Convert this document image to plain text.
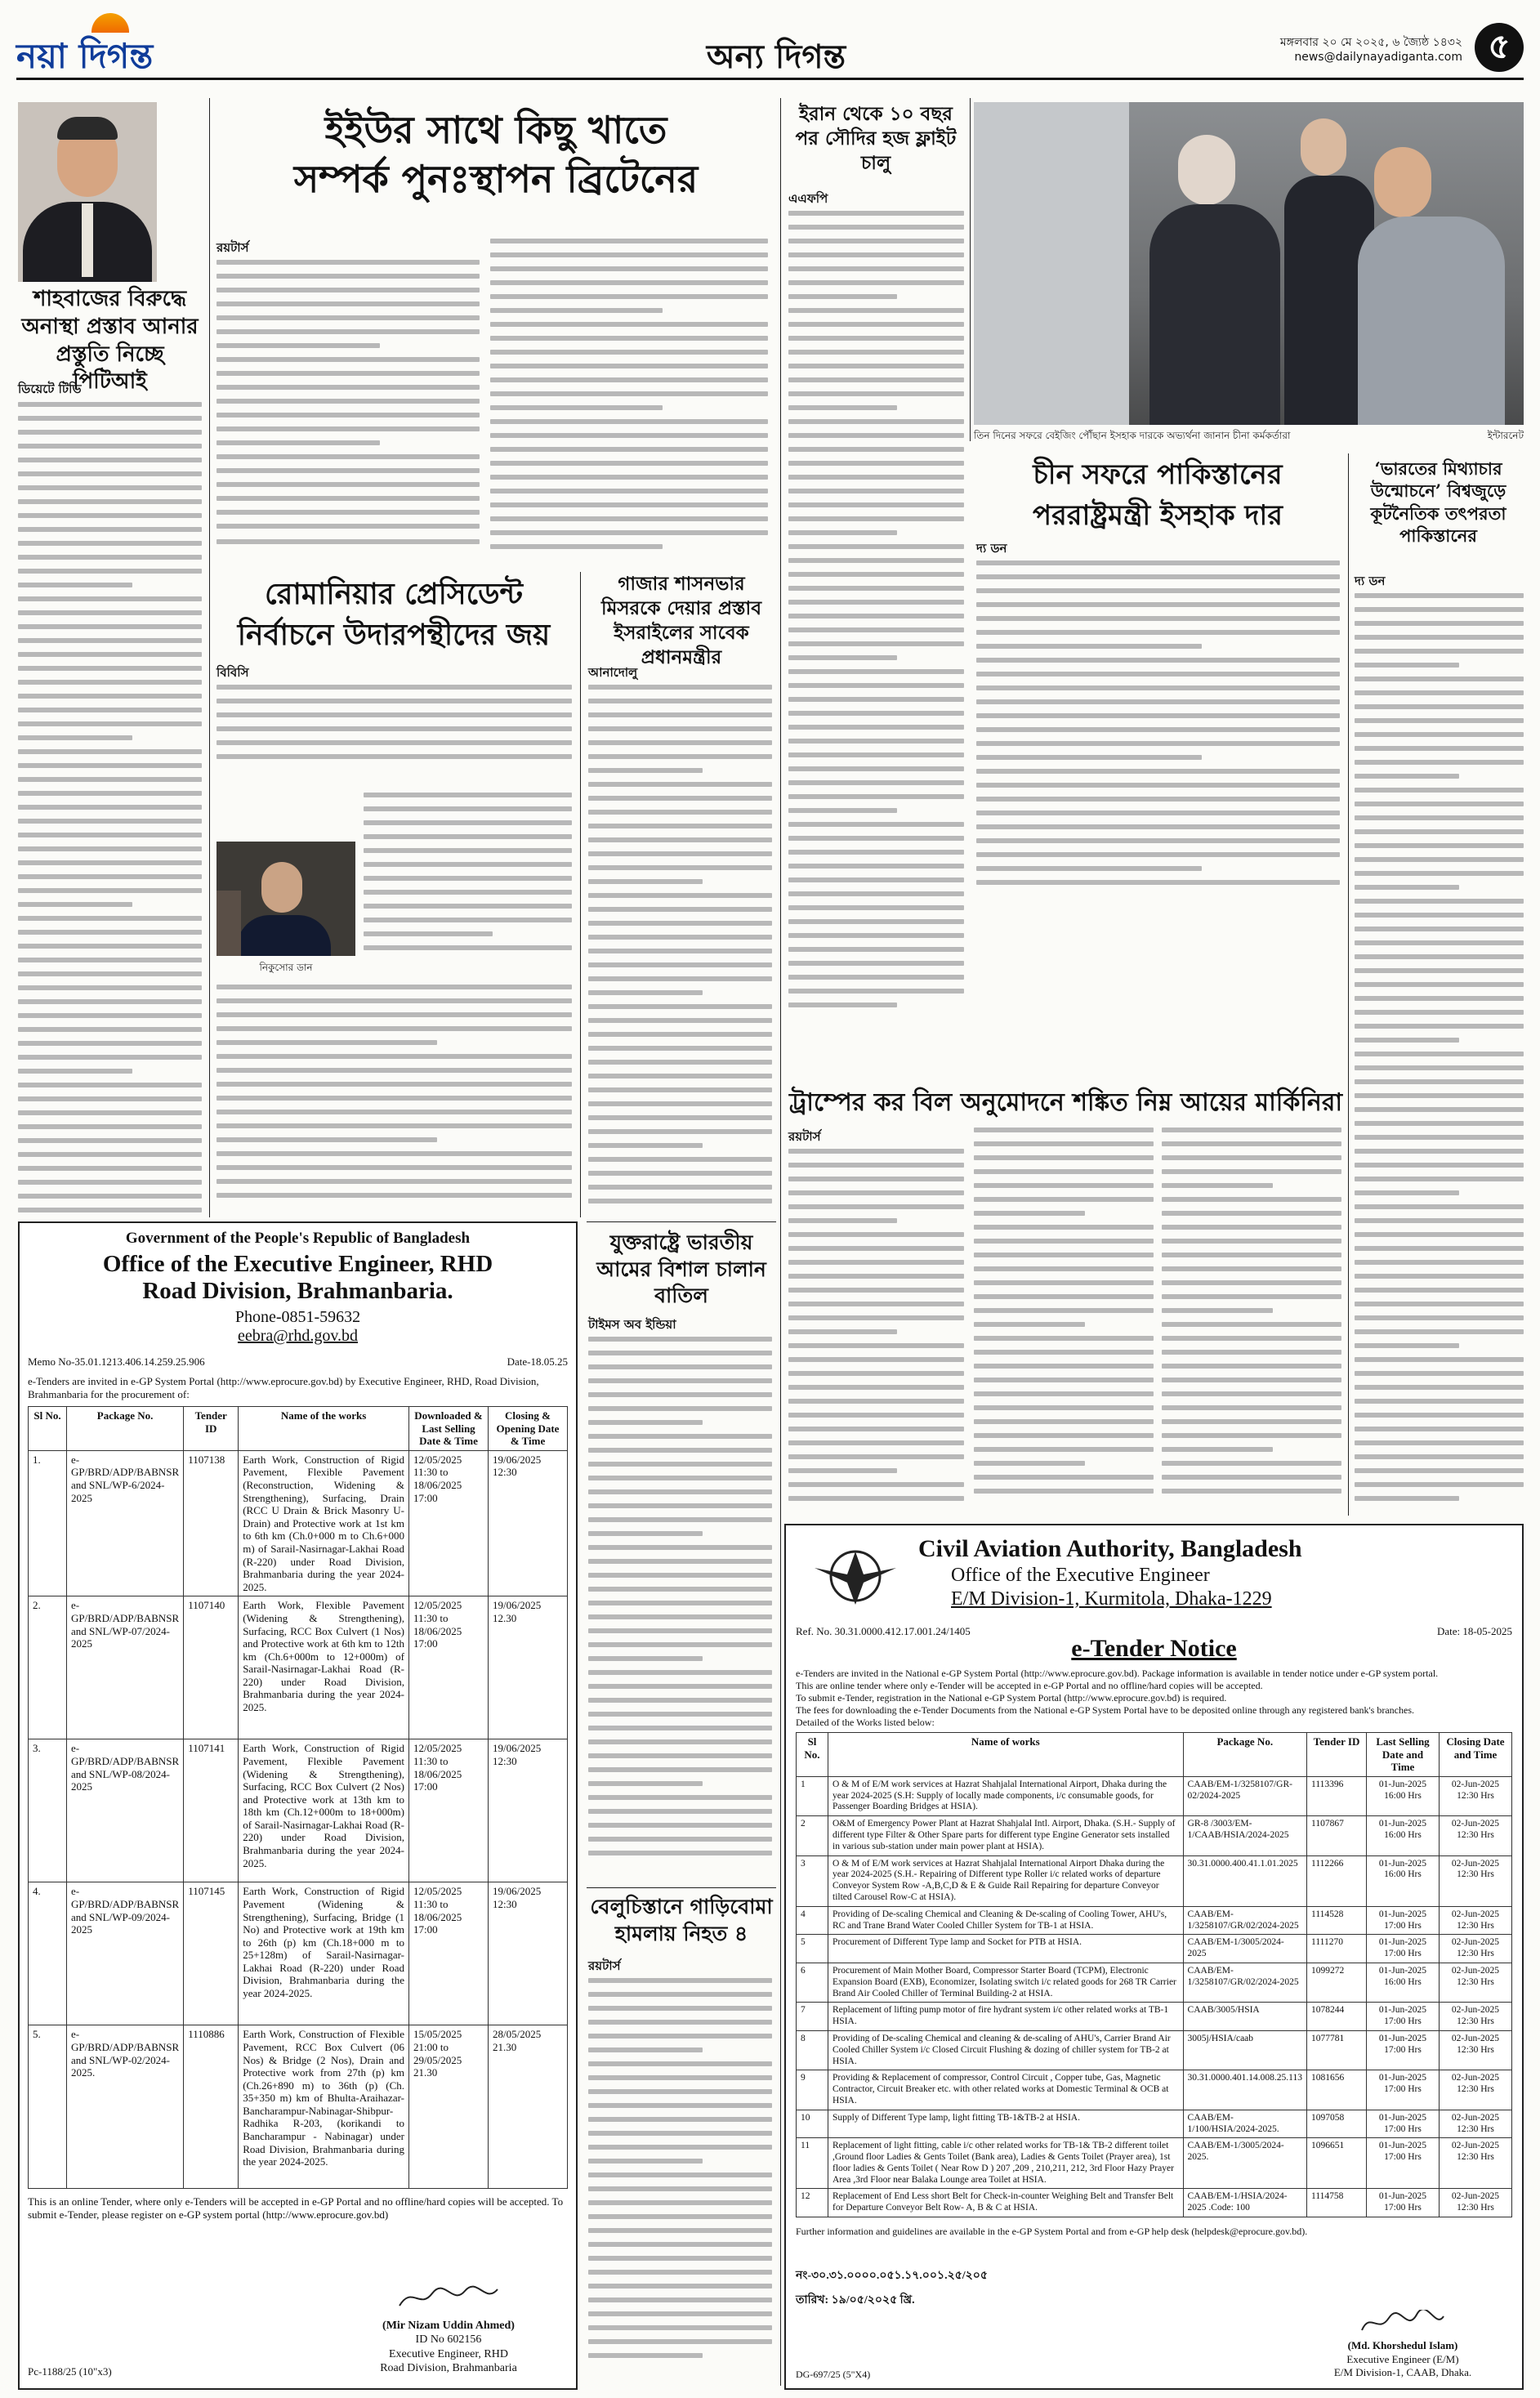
নয়া দিগন্ত	অন্য দিগন্ত	মঙ্গলবার ২০ মে ২০২৫, ৬ জ্যৈষ্ঠ ১৪৩২
news@dailynayadiganta.com ৫
শাহবাজের বিরুদ্ধে অনাস্থা প্রস্তাব আনার প্রস্তুতি নিচ্ছে পিটিআই
ডিয়েটে টিভি
ইইউর সাথে কিছু খাতে
সম্পর্ক পুনঃস্থাপন ব্রিটেনের
রয়টার্স
রোমানিয়ার প্রেসিডেন্ট
নির্বাচনে উদারপন্থীদের জয়
বিবিসি
নিকুসোর ডান
গাজার শাসনভার মিসরকে দেয়ার প্রস্তাব ইসরাইলের সাবেক প্রধানমন্ত্রীর
আনাদোলু
ইরান থেকে ১০ বছর পর সৌদির হজ ফ্লাইট চালু
এএফপি
তিন দিনের সফরে বেইজিং পৌঁছান ইসহাক দারকে অভ্যর্থনা জানান চীনা কর্মকর্তারা	ইন্টারনেট
চীন সফরে পাকিস্তানের
পররাষ্ট্রমন্ত্রী ইসহাক দার
দ্য ডন
‘ভারতের মিথ্যাচার উন্মোচনে’ বিশ্বজুড়ে কূটনৈতিক তৎপরতা পাকিস্তানের
দ্য ডন
ট্রাম্পের কর বিল অনুমোদনে শঙ্কিত নিম্ন আয়ের মার্কিনিরা
রয়টার্স
যুক্তরাষ্ট্রে ভারতীয় আমের বিশাল চালান বাতিল
টাইমস অব ইন্ডিয়া
বেলুচিস্তানে গাড়িবোমা হামলায় নিহত ৪
রয়টার্স
Government of the People's Republic of Bangladesh
Office of the Executive Engineer, RHD
Road Division, Brahmanbaria.
Phone-0851-59632
eebra@rhd.gov.bd
Memo No-35.01.1213.406.14.259.25.906	Date-18.05.25
e-Tenders are invited in e-GP System Portal (http://www.eprocure.gov.bd) by Executive Engineer, RHD, Road Division, Brahmanbaria for the procurement of:
Sl No.	Package No.	Tender ID	Name of the works	Downloaded & Last Selling Date & Time	Closing & Opening Date & Time
1.	e-GP/BRD/ADP/BABNSR and SNL/WP-6/2024-2025	1107138	Earth Work, Construction of Rigid Pavement, Flexible Pavement (Reconstruction, Widening & Strengthening), Surfacing, Drain (RCC U Drain & Brick Masonry U-Drain) and Protective work at 1st km to 6th km (Ch.0+000 m to Ch.6+000 m) of Sarail-Nasirnagar-Lakhai Road (R-220) under Road Division, Brahmanbaria during the year 2024-2025.	12/05/2025 11:30 to 18/06/2025 17:00	19/06/2025 12:30
2.	e-GP/BRD/ADP/BABNSR and SNL/WP-07/2024-2025	1107140	Earth Work, Flexible Pavement (Widening & Strengthening), Surfacing, RCC Box Culvert (1 Nos) and Protective work at 6th km to 12th km (Ch.6+000m to 12+000m) of Sarail-Nasirnagar-Lakhai Road (R-220) under Road Division, Brahmanbaria during the year 2024-2025.	12/05/2025 11:30 to 18/06/2025 17:00	19/06/2025 12.30
3.	e-GP/BRD/ADP/BABNSR and SNL/WP-08/2024-2025	1107141	Earth Work, Construction of Rigid Pavement, Flexible Pavement (Widening & Strengthening), Surfacing, RCC Box Culvert (2 Nos) and Protective work at 13th km to 18th km (Ch.12+000m to 18+000m) of Sarail-Nasirnagar-Lakhai Road (R-220) under Road Division, Brahmanbaria during the year 2024-2025.	12/05/2025 11:30 to 18/06/2025 17:00	19/06/2025 12:30
4.	e-GP/BRD/ADP/BABNSR and SNL/WP-09/2024-2025	1107145	Earth Work, Construction of Rigid Pavement (Widening & Strengthening), Surfacing, Bridge (1 No) and Protective work at 19th km to 26th (p) km (Ch.18+000 m to 25+128m) of Sarail-Nasirnagar-Lakhai Road (R-220) under Road Division, Brahmanbaria during the year 2024-2025.	12/05/2025 11:30 to 18/06/2025 17:00	19/06/2025 12:30
5.	e-GP/BRD/ADP/BABNSR and SNL/WP-02/2024-2025.	1110886	Earth Work, Construction of Flexible Pavement, RCC Box Culvert (06 Nos) & Bridge (2 Nos), Drain and Protective work from 27th (p) km (Ch.26+890 m) to 36th (p) (Ch. 35+350 m) km of Bhulta-Araihazar-Bancharampur-Nabinagar-Shibpur-Radhika R-203, (korikandi to Bancharampur - Nabinagar) under Road Division, Brahmanbaria during the year 2024-2025.	15/05/2025 21:00 to 29/05/2025 21.30	28/05/2025 21.30
This is an online Tender, where only e-Tenders will be accepted in e-GP Portal and no offline/hard copies will be accepted. To submit e-Tender, please register on e-GP system portal (http://www.eprocure.gov.bd)
(Mir Nizam Uddin Ahmed)
ID No 602156
Executive Engineer, RHD
Road Division, Brahmanbaria
Pc-1188/25 (10"x3)
Civil Aviation Authority, Bangladesh
Office of the Executive Engineer
E/M Division-1, Kurmitola, Dhaka-1229
Ref. No. 30.31.0000.412.17.001.24/1405	Date: 18-05-2025
e-Tender Notice
e-Tenders are invited in the National e-GP System Portal (http://www.eprocure.gov.bd). Package information is available in tender notice under e-GP system portal.
This are online tender where only e-Tender will be accepted in e-GP Portal and no offline/hard copies will be accepted.
To submit e-Tender, registration in the National e-GP System Portal (http://www.eprocure.gov.bd) is required.
The fees for downloading the e-Tender Documents from the National e-GP System Portal have to be deposited online through any registered bank's branches.
Detailed of the Works listed below:
Sl No.	Name of works	Package No.	Tender ID	Last Selling Date and Time	Closing Date and Time
1	O & M of E/M work services at Hazrat Shahjalal International Airport, Dhaka during the year 2024-2025 (S.H: Supply of locally made components, i/c consumable goods, for Passenger Boarding Bridges at HSIA).	CAAB/EM-1/3258107/GR-02/2024-2025	1113396	01-Jun-2025 16:00 Hrs	02-Jun-2025 12:30 Hrs
2	O&M of Emergency Power Plant at Hazrat Shahjalal Intl. Airport, Dhaka. (S.H.- Supply of different type Filter & Other Spare parts for different type Engine Generator sets installed in various sub-station under main power plant at HSIA).	GR-8 /3003/EM-1/CAAB/HSIA/2024-2025	1107867	01-Jun-2025 16:00 Hrs	02-Jun-2025 12:30 Hrs
3	O & M of E/M work services at Hazrat Shahjalal International Airport Dhaka during the year 2024-2025 (S.H.- Repairing of Different type Roller i/c related works of departure Conveyor System Row -A,B,C,D & E & Guide Rail Repairing for departure Conveyor tilted Carousel Row-C at HSIA).	30.31.0000.400.41.1.01.2025	1112266	01-Jun-2025 16:00 Hrs	02-Jun-2025 12:30 Hrs
4	Providing of De-scaling Chemical and Cleaning & De-scaling of Cooling Tower, AHU's, RC and Trane Brand Water Cooled Chiller System for TB-1 at HSIA.	CAAB/EM-1/3258107/GR/02/2024-2025	1114528	01-Jun-2025 17:00 Hrs	02-Jun-2025 12:30 Hrs
5	Procurement of Different Type lamp and Socket for PTB at HSIA.	CAAB/EM-1/3005/2024-2025	1111270	01-Jun-2025 17:00 Hrs	02-Jun-2025 12:30 Hrs
6	Procurement of Main Mother Board, Compressor Starter Board (TCPM), Electronic Expansion Board (EXB), Economizer, Isolating switch i/c related goods for 268 TR Carrier Brand Air Cooled Chiller of Terminal Building-2 at HSIA.	CAAB/EM-1/3258107/GR/02/2024-2025	1099272	01-Jun-2025 16:00 Hrs	02-Jun-2025 12:30 Hrs
7	Replacement of lifting pump motor of fire hydrant system i/c other related works at TB-1 HSIA.	CAAB/3005/HSIA	1078244	01-Jun-2025 17:00 Hrs	02-Jun-2025 12:30 Hrs
8	Providing of De-scaling Chemical and cleaning & de-scaling of AHU's, Carrier Brand Air Cooled Chiller System i/c Closed Circuit Flushing & dozing of chiller system for TB-2 at HSIA.	3005j/HSIA/caab	1077781	01-Jun-2025 17:00 Hrs	02-Jun-2025 12:30 Hrs
9	Providing & Replacement of compressor, Control Circuit , Copper tube, Gas, Magnetic Contractor, Circuit Breaker etc. with other related works at Domestic Terminal & OCB at HSIA.	30.31.0000.401.14.008.25.113	1081656	01-Jun-2025 17:00 Hrs	02-Jun-2025 12:30 Hrs
10	Supply of Different Type lamp, light fitting TB-1&TB-2 at HSIA.	CAAB/EM-1/100/HSIA/2024-2025.	1097058	01-Jun-2025 17:00 Hrs	02-Jun-2025 12:30 Hrs
11	Replacement of light fitting, cable i/c other related works for TB-1& TB-2 different toilet ,Ground floor Ladies & Gents Toilet (Bank area), Ladies & Gents Toilet (Prayer area), 1st floor ladies & Gents Toilet ( Near Row D ) 207 ,209 , 210,211, 212, 3rd Floor Hazy Prayer Area ,3rd Floor near Balaka Lounge area Toilet at HSIA.	CAAB/EM-1/3005/2024-2025.	1096651	01-Jun-2025 17:00 Hrs	02-Jun-2025 12:30 Hrs
12	Replacement of End Less short Belt for Check-in-counter Weighing Belt and Transfer Belt for Departure Conveyor Belt Row- A, B & C at HSIA.	CAAB/EM-1/HSIA/2024-2025 .Code: 100	1114758	01-Jun-2025 17:00 Hrs	02-Jun-2025 12:30 Hrs
Further information and guidelines are available in the e-GP System Portal and from e-GP help desk (helpdesk@eprocure.gov.bd).
নং-৩০.৩১.০০০০.০৫১.১৭.০০১.২৫/২০৫
তারিখ: ১৯/০৫/২০২৫ খ্রি.
(Md. Khorshedul Islam)
Executive Engineer (E/M)
E/M Division-1, CAAB, Dhaka.
DG-697/25 (5"X4)
